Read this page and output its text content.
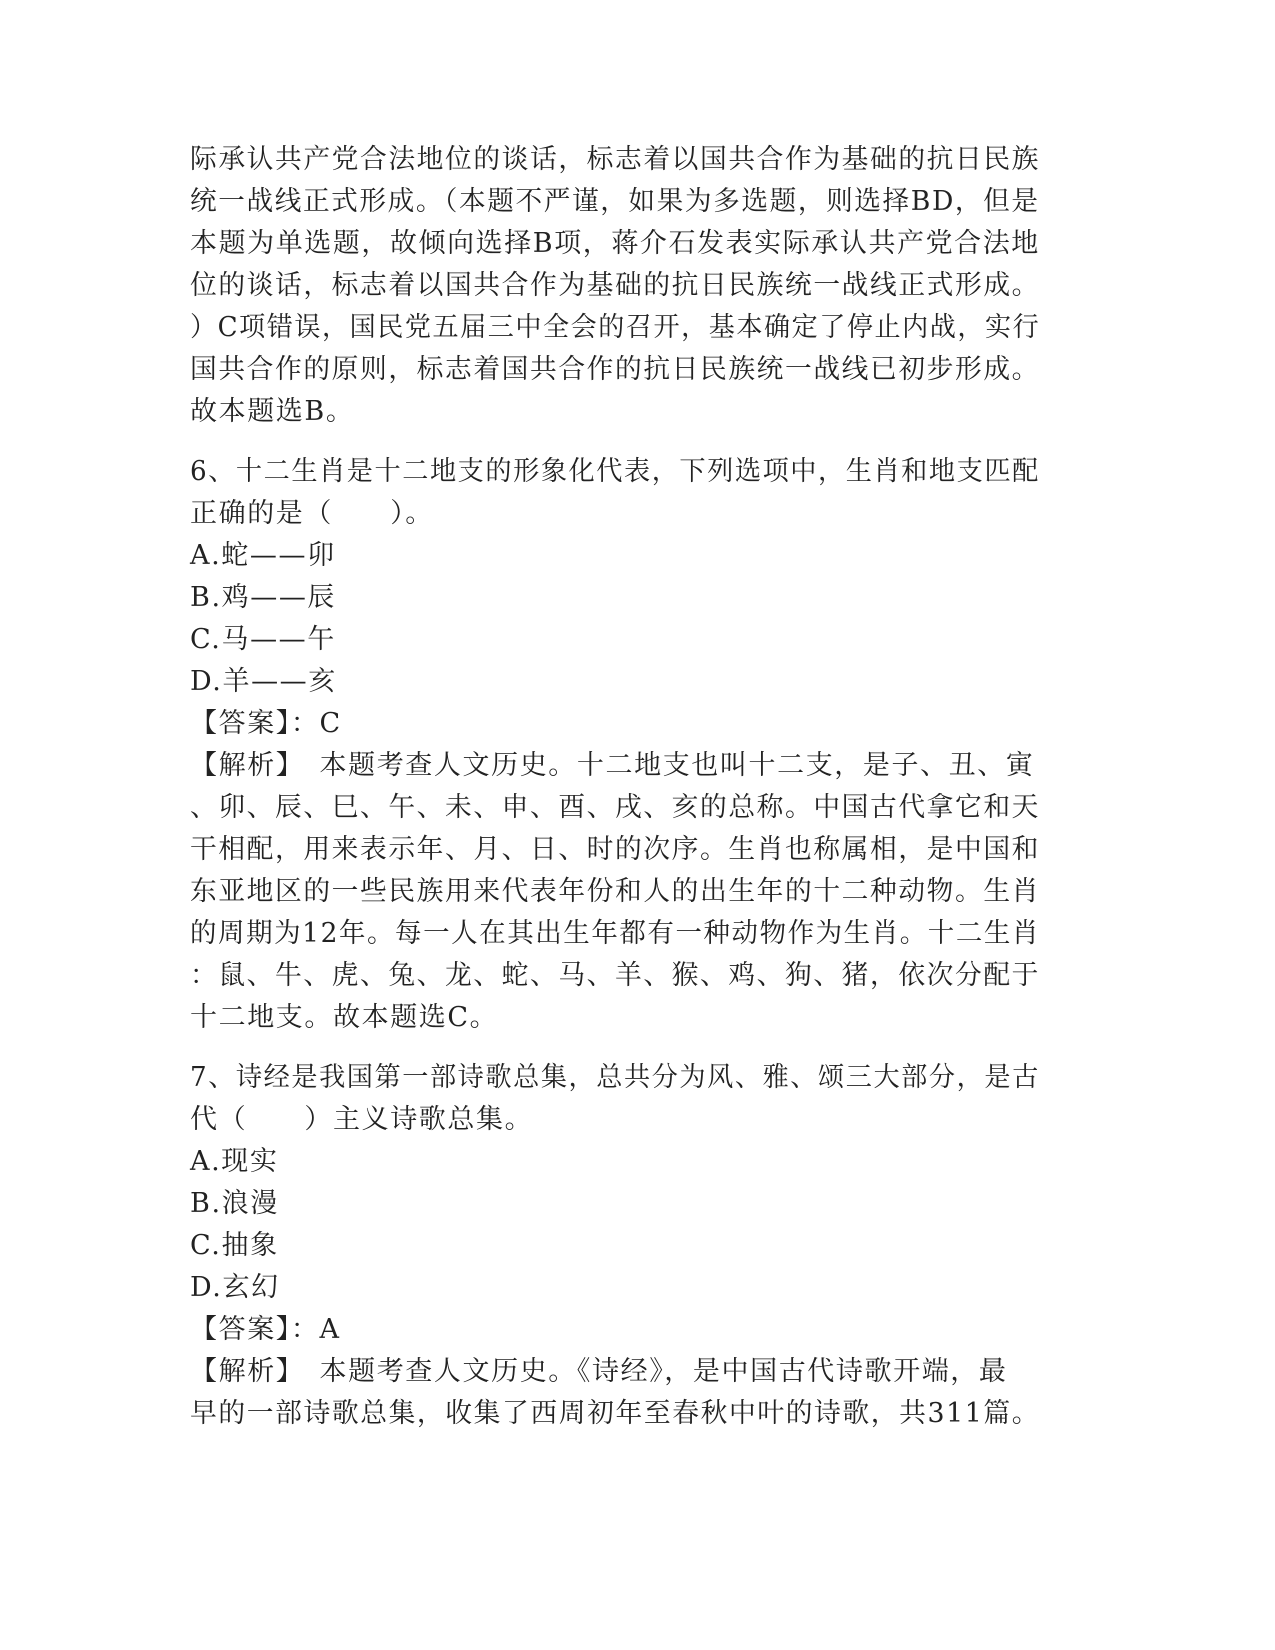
际承认共产党合法地位的谈话，标志着以国共合作为基础的抗日民族
统一战线正式形成。（本题不严谨，如果为多选题，则选择BD，但是
本题为单选题，故倾向选择B项，蒋介石发表实际承认共产党合法地
位的谈话，标志着以国共合作为基础的抗日民族统一战线正式形成。
）C项错误，国民党五届三中全会的召开，基本确定了停止内战，实行
国共合作的原则，标志着国共合作的抗日民族统一战线已初步形成。
故本题选B。
6、十二生肖是十二地支的形象化代表，下列选项中，生肖和地支匹配
正确的是（　　）。
A.蛇——卯
B.鸡——辰
C.马——午
D.羊——亥
【答案】：C
【解析】　本题考查人文历史。十二地支也叫十二支，是子、丑、寅
、卯、辰、巳、午、未、申、酉、戌、亥的总称。中国古代拿它和天
干相配，用来表示年、月、日、时的次序。生肖也称属相，是中国和
东亚地区的一些民族用来代表年份和人的出生年的十二种动物。生肖
的周期为12年。每一人在其出生年都有一种动物作为生肖。十二生肖
：鼠、牛、虎、兔、龙、蛇、马、羊、猴、鸡、狗、猪，依次分配于
十二地支。故本题选C。
7、诗经是我国第一部诗歌总集，总共分为风、雅、颂三大部分，是古
代（　　）主义诗歌总集。
A.现实
B.浪漫
C.抽象
D.玄幻
【答案】：A
【解析】　本题考查人文历史。《诗经》，是中国古代诗歌开端，最
早的一部诗歌总集，收集了西周初年至春秋中叶的诗歌，共311篇。
